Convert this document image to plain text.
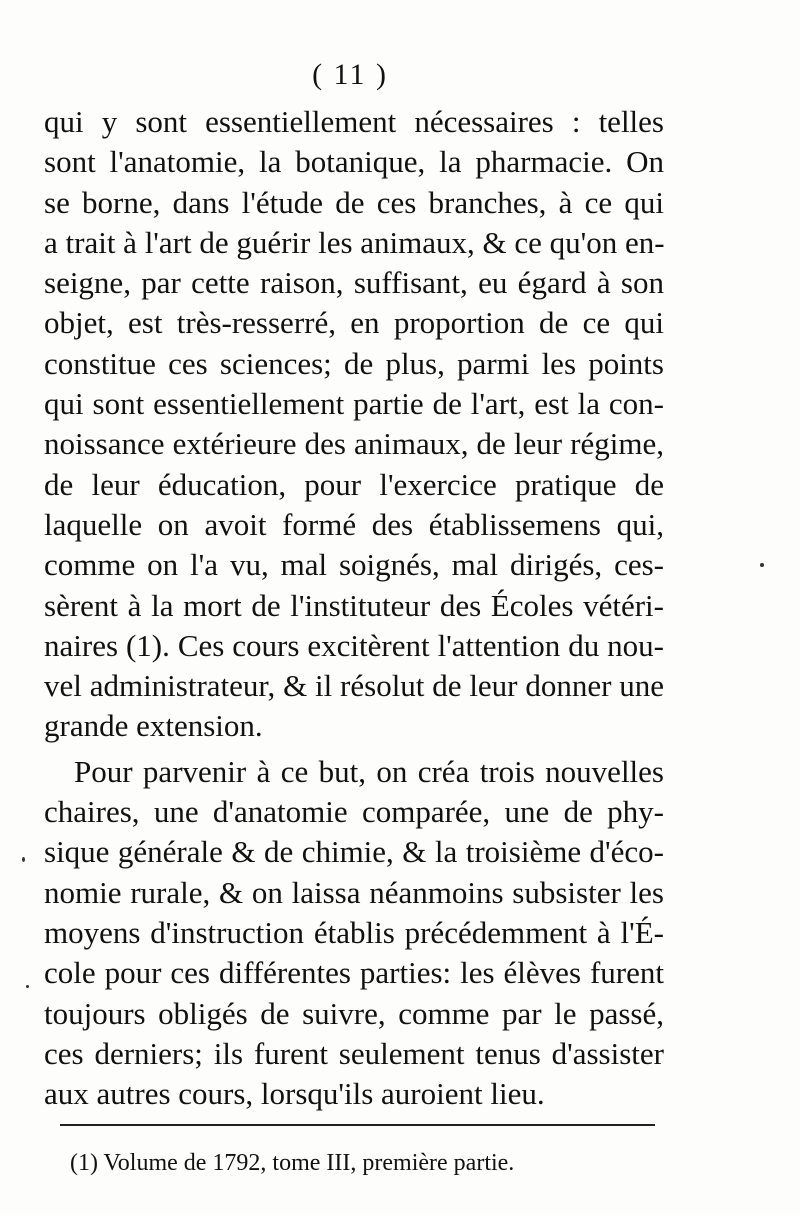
( 11 )
qui y sont essentiellement nécessaires : telles
sont l'anatomie, la botanique, la pharmacie. On
se borne, dans l'étude de ces branches, à ce qui
a trait à l'art de guérir les animaux, & ce qu'on en-
seigne, par cette raison, suffisant, eu égard à son
objet, est très-resserré, en proportion de ce qui
constitue ces sciences; de plus, parmi les points
qui sont essentiellement partie de l'art, est la con-
noissance extérieure des animaux, de leur régime,
de leur éducation, pour l'exercice pratique de
laquelle on avoit formé des établissemens qui,
comme on l'a vu, mal soignés, mal dirigés, ces-
sèrent à la mort de l'instituteur des Écoles vétéri-
naires (1). Ces cours excitèrent l'attention du nou-
vel administrateur, & il résolut de leur donner une
grande extension.
Pour parvenir à ce but, on créa trois nouvelles
chaires, une d'anatomie comparée, une de phy-
sique générale & de chimie, & la troisième d'éco-
nomie rurale, & on laissa néanmoins subsister les
moyens d'instruction établis précédemment à l'É-
cole pour ces différentes parties: les élèves furent
toujours obligés de suivre, comme par le passé,
ces derniers; ils furent seulement tenus d'assister
aux autres cours, lorsqu'ils auroient lieu.
(1) Volume de 1792, tome III, première partie.
